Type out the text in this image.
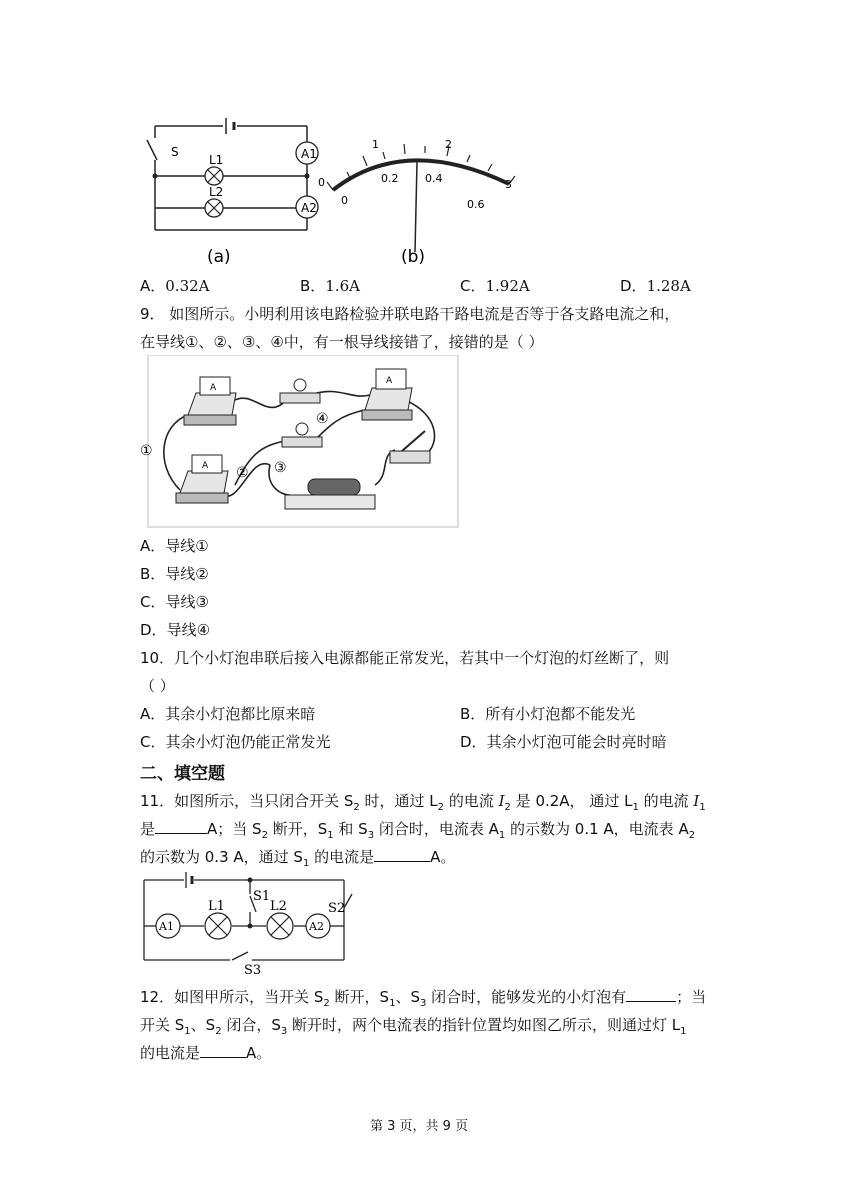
A1
A2
S
L1
L2
(a)
0
1	2
3
0
0.2 0.4
0.6
(b)
A．0.32A	B．1.6A	C．1.92A	D．1.28A
9． 如图所示。小明利用该电路检验并联电路干路电流是否等于各支路电流之和，
在导线①、②、③、④中，有一根导线接错了，接错的是（ ）
A
A
A
①
② ③
④
A．导线①
B．导线②
C．导线③
D．导线④
10．几个小灯泡串联后接入电源都能正常发光，若其中一个灯泡的灯丝断了，则
（ ）
A．其余小灯泡都比原来暗	B．所有小灯泡都不能发光
C．其余小灯泡仍能正常发光	D．其余小灯泡可能会时亮时暗
二、填空题
11．如图所示，当只闭合开关 $S_2$ 时，通过 $L_2$ 的电流 $I_2$ 是 0.2A， 通过 $L_1$ 的电流 $I_1$
是	A；当 $S_2$ 断开，$S_1$ 和 $S_3$ 闭合时，电流表 $A_1$ 的示数为 0.1 A，电流表 $A_2$
的示数为 0.3 A，通过 $S_1$ 的电流是	A。
A1	A2
L1	L2
S1
S2
S3
12．如图甲所示，当开关 $S_2$ 断开，$S_1$、$S_3$ 闭合时，能够发光的小灯泡有	；当
开关 $S_1$、$S_2$ 闭合，$S_3$ 断开时，两个电流表的指针位置均如图乙所示，则通过灯 $L_1$
的电流是	A。
第 3 页，共 9 页
